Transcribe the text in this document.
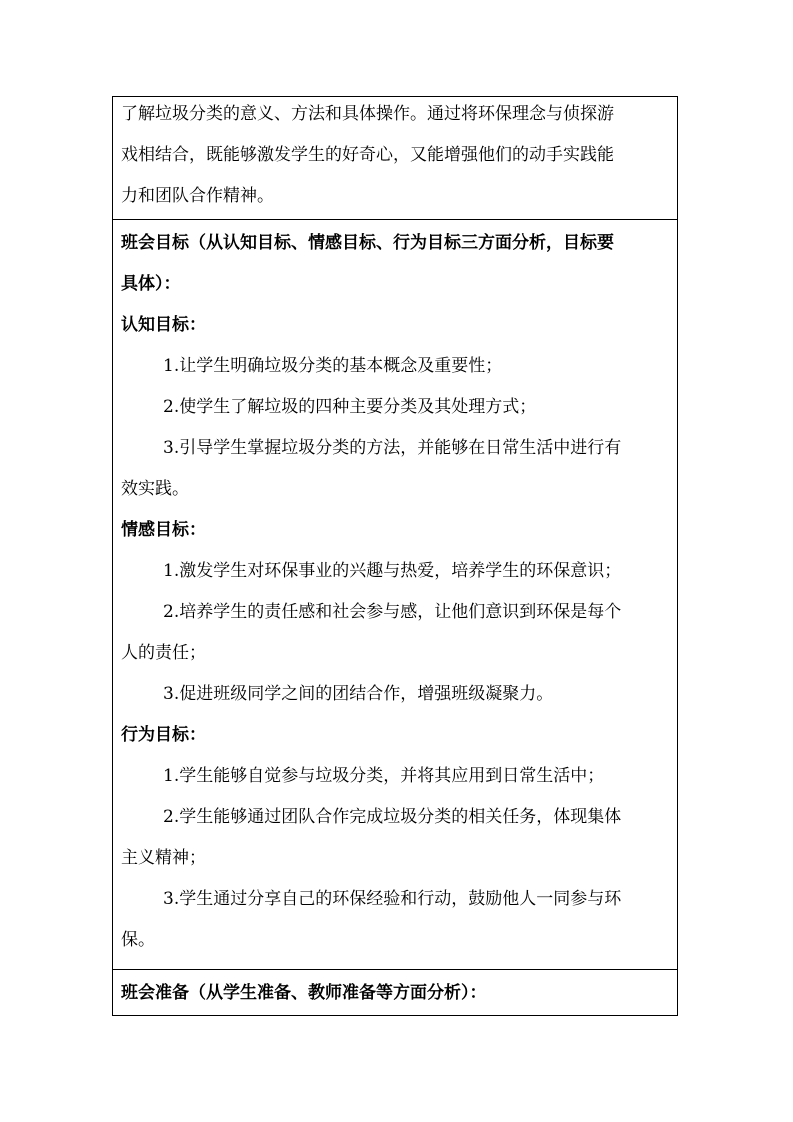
了解垃圾分类的意义、方法和具体操作。通过将环保理念与侦探游
戏相结合，既能够激发学生的好奇心，又能增强他们的动手实践能
力和团队合作精神。
班会目标（从认知目标、情感目标、行为目标三方面分析，目标要
具体）：
认知目标：
1.让学生明确垃圾分类的基本概念及重要性；
2.使学生了解垃圾的四种主要分类及其处理方式；
3.引导学生掌握垃圾分类的方法，并能够在日常生活中进行有
效实践。
情感目标：
1.激发学生对环保事业的兴趣与热爱，培养学生的环保意识；
2.培养学生的责任感和社会参与感，让他们意识到环保是每个
人的责任；
3.促进班级同学之间的团结合作，增强班级凝聚力。
行为目标：
1.学生能够自觉参与垃圾分类，并将其应用到日常生活中；
2.学生能够通过团队合作完成垃圾分类的相关任务，体现集体
主义精神；
3.学生通过分享自己的环保经验和行动，鼓励他人一同参与环
保。
班会准备（从学生准备、教师准备等方面分析）：
